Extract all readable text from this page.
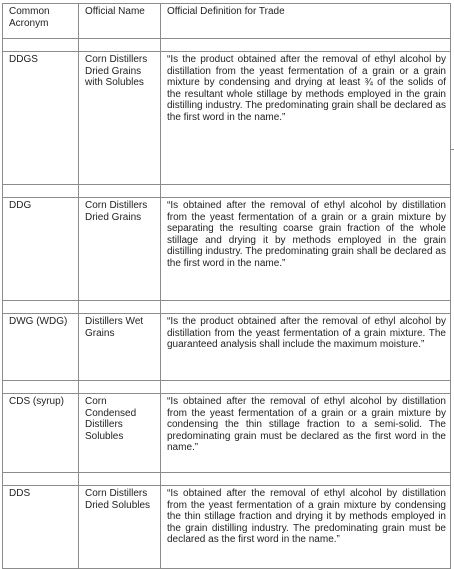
Common Acronym	Official Name	Official Definition for Trade

DDGS	Corn Distillers Dried Grains with Solubles	“Is the product obtained after the removal of ethyl alcohol by distillation from the yeast fermentation of a grain or a grain mixture by condensing and drying at least ¾ of the solids of the resultant whole stillage by methods employed in the grain distilling industry. The predominating grain shall be declared as the first word in the name.”

DDG	Corn Distillers Dried Grains	“Is obtained after the removal of ethyl alcohol by distillation from the yeast fermentation of a grain or a grain mixture by separating the resulting coarse grain fraction of the whole stillage and drying it by methods employed in the grain distilling industry. The predominating grain shall be declared as the first word in the name.”

DWG (WDG)	Distillers Wet Grains	“Is the product obtained after the removal of ethyl alcohol by distillation from the yeast fermentation of a grain mixture. The guaranteed analysis shall include the maximum moisture.”

CDS (syrup)	Corn Condensed Distillers Solubles	“Is obtained after the removal of ethyl alcohol by distillation from the yeast fermentation of a grain or a grain mixture by condensing the thin stillage fraction to a semi-solid. The predominating grain must be declared as the first word in the name.”

DDS	Corn Distillers Dried Solubles	“Is obtained after the removal of ethyl alcohol by distillation from the yeast fermentation of a grain mixture by condensing the thin stillage fraction and drying it by methods employed in the grain distilling industry. The predominating grain must be declared as the first word in the name.”
